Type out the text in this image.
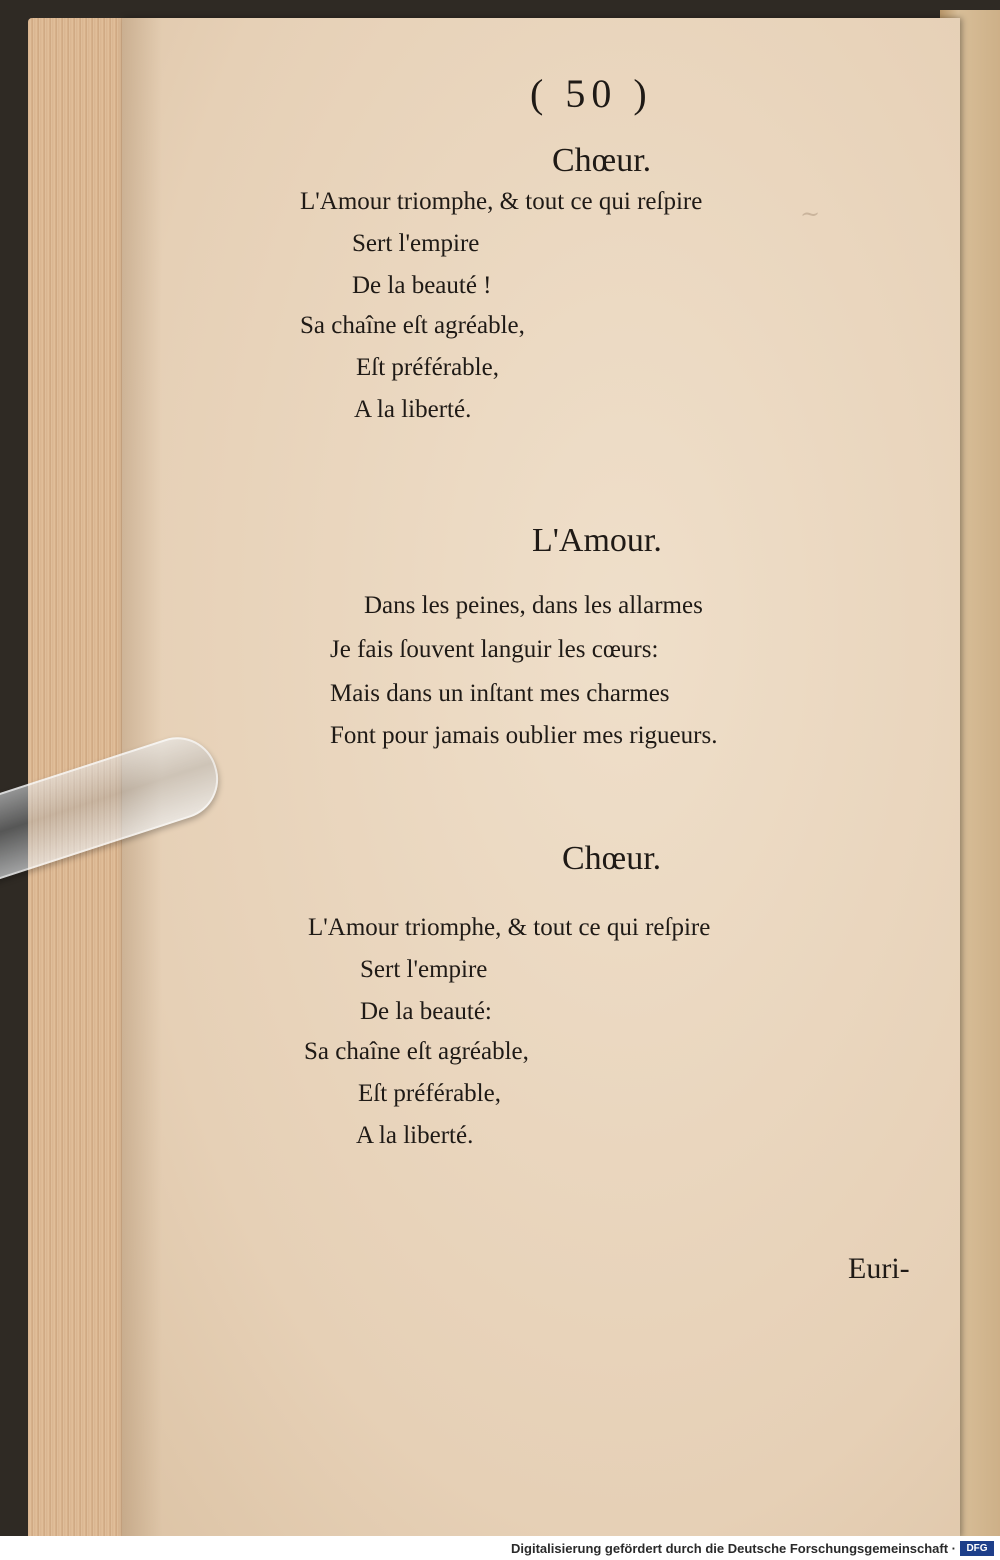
~
( 50 )
Chœur.
L'Amour triomphe, & tout ce qui reſpire
Sert l'empire
De la beauté !
Sa chaîne eſt agréable,
Eſt préférable,
A la liberté.
L'Amour.
Dans les peines, dans les allarmes
Je fais ſouvent languir les cœurs:
Mais dans un inſtant mes charmes
Font pour jamais oublier mes rigueurs.
Chœur.
L'Amour triomphe, & tout ce qui reſpire
Sert l'empire
De la beauté:
Sa chaîne eſt agréable,
Eſt préférable,
A la liberté.
Euri-
Digitalisierung gefördert durch die Deutsche Forschungsgemeinschaft ·	DFG
